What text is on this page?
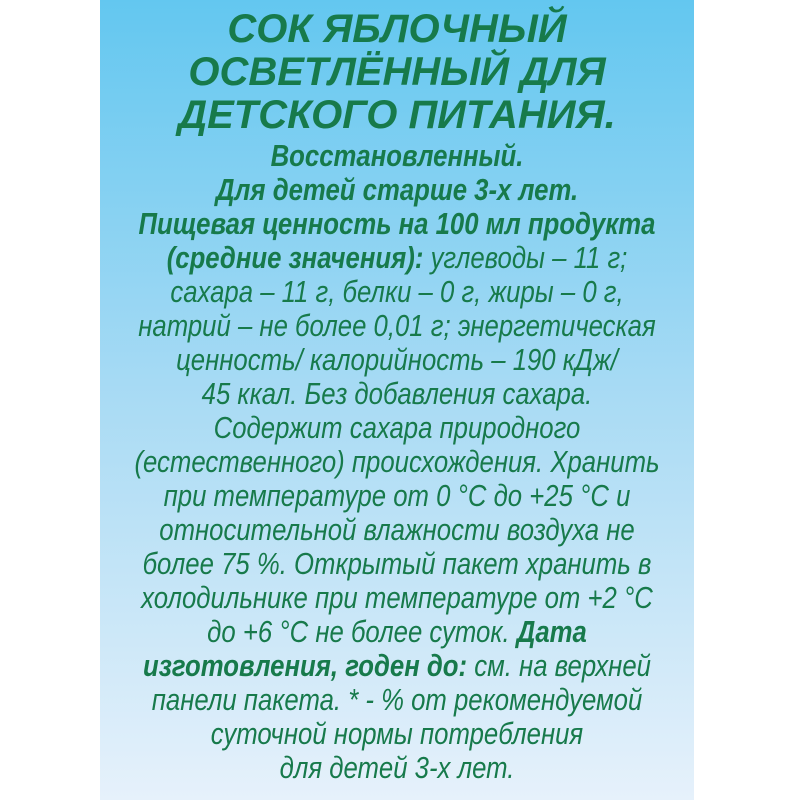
СОК ЯБЛОЧНЫЙ
ОСВЕТЛЁННЫЙ ДЛЯ
ДЕТСКОГО ПИТАНИЯ.
Восстановленный.
Для детей старше 3-х лет.
Пищевая ценность на 100 мл продукта
(средние значения): углеводы – 11 г;
сахара – 11 г, белки – 0 г, жиры – 0 г,
натрий – не более 0,01 г; энергетическая
ценность/ калорийность – 190 кДж/
45 ккал. Без добавления сахара.
Содержит сахара природного
(естественного) происхождения. Хранить
при температуре от 0 °C до +25 °C и
относительной влажности воздуха не
более 75 %. Открытый пакет хранить в
холодильнике при температуре от +2 °C
до +6 °C не более суток. Дата
изготовления, годен до: см. на верхней
панели пакета. * - % от рекомендуемой
суточной нормы потребления
для детей 3-х лет.
